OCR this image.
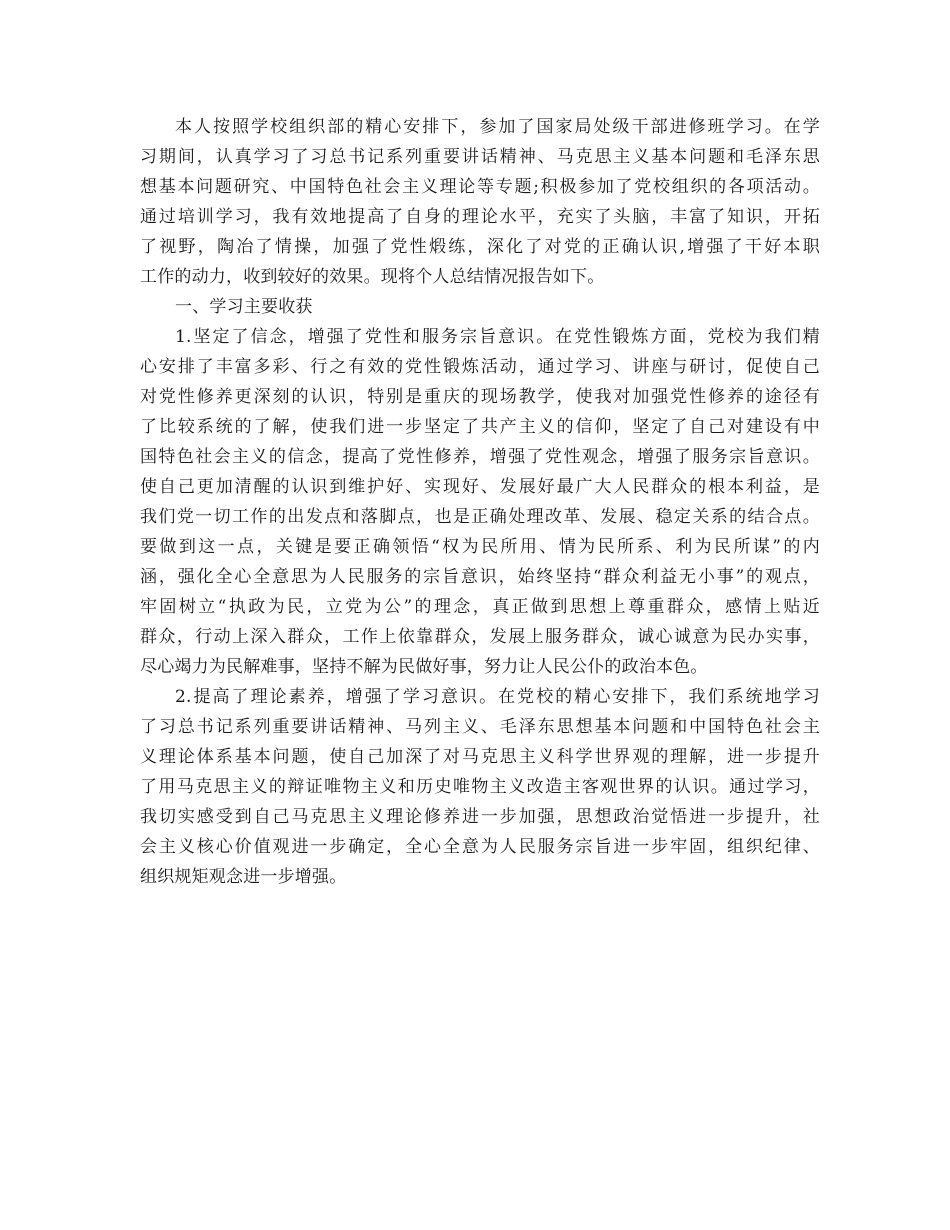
本人按照学校组织部的精心安排下，参加了国家局处级干部进修班学习。在学
习期间，认真学习了习总书记系列重要讲话精神、马克思主义基本问题和毛泽东思
想基本问题研究、中国特色社会主义理论等专题;积极参加了党校组织的各项活动。
通过培训学习，我有效地提高了自身的理论水平，充实了头脑，丰富了知识，开拓
了视野，陶冶了情操，加强了党性煅练，深化了对党的正确认识,增强了干好本职
工作的动力，收到较好的效果。现将个人总结情况报告如下。
一、学习主要收获
1.坚定了信念，增强了党性和服务宗旨意识。在党性锻炼方面，党校为我们精
心安排了丰富多彩、行之有效的党性锻炼活动，通过学习、讲座与研讨，促使自己
对党性修养更深刻的认识，特别是重庆的现场教学，使我对加强党性修养的途径有
了比较系统的了解，使我们进一步坚定了共产主义的信仰，坚定了自己对建设有中
国特色社会主义的信念，提高了党性修养，增强了党性观念，增强了服务宗旨意识。
使自己更加清醒的认识到维护好、实现好、发展好最广大人民群众的根本利益，是
我们党一切工作的出发点和落脚点，也是正确处理改革、发展、稳定关系的结合点。
要做到这一点，关键是要正确领悟“权为民所用、情为民所系、利为民所谋”的内
涵，强化全心全意思为人民服务的宗旨意识，始终坚持“群众利益无小事”的观点，
牢固树立“执政为民，立党为公”的理念，真正做到思想上尊重群众，感情上贴近
群众，行动上深入群众，工作上依靠群众，发展上服务群众，诚心诚意为民办实事，
尽心竭力为民解难事，坚持不解为民做好事，努力让人民公仆的政治本色。
2.提高了理论素养，增强了学习意识。在党校的精心安排下，我们系统地学习
了习总书记系列重要讲话精神、马列主义、毛泽东思想基本问题和中国特色社会主
义理论体系基本问题，使自己加深了对马克思主义科学世界观的理解，进一步提升
了用马克思主义的辩证唯物主义和历史唯物主义改造主客观世界的认识。通过学习，
我切实感受到自己马克思主义理论修养进一步加强，思想政治觉悟进一步提升，社
会主义核心价值观进一步确定，全心全意为人民服务宗旨进一步牢固，组织纪律、
组织规矩观念进一步增强。
